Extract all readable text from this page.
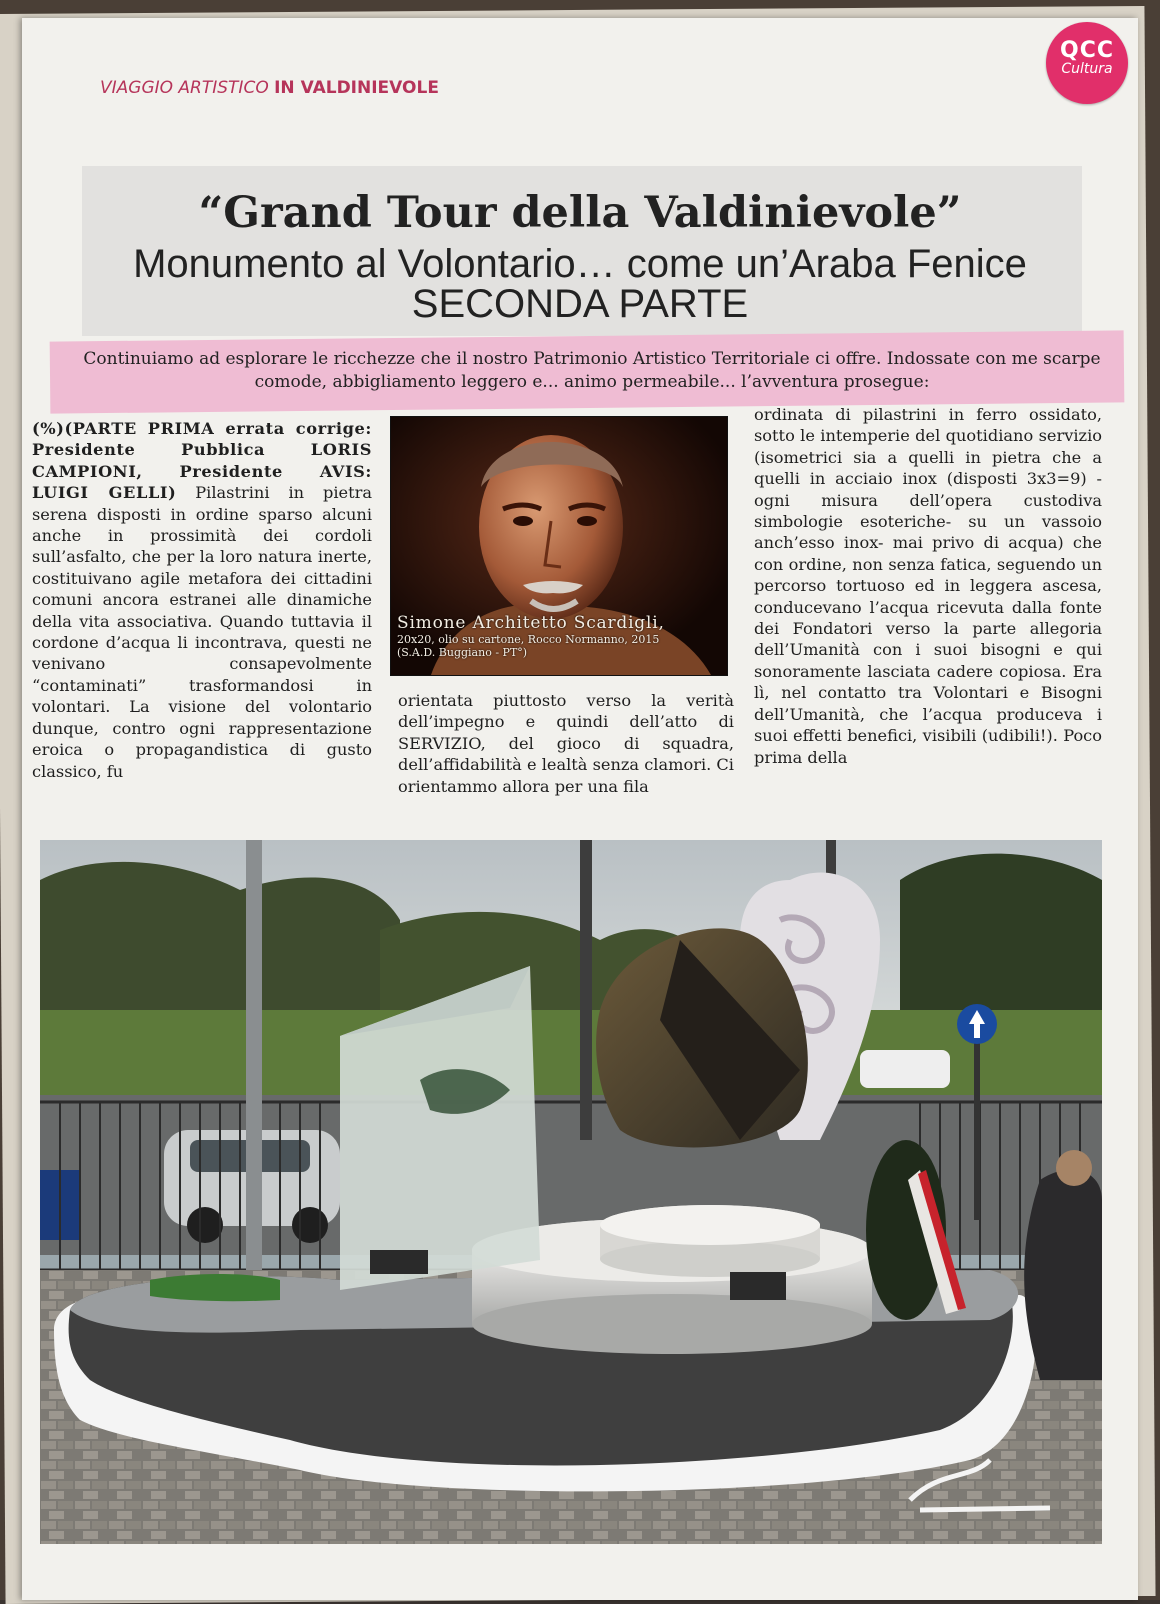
VIAGGIO ARTISTICO IN VALDINIEVOLE
QCC
Cultura
“Grand Tour della Valdinievole”
Monumento al Volontario… come un’Araba Fenice
SECONDA PARTE
Continuiamo ad esplorare le ricchezze che il nostro Patrimonio Artistico Territoriale ci offre. Indossate con me scarpe
comode, abbigliamento leggero e... animo permeabile... l’avventura prosegue:

(%)(PARTE PRIMA errata corrige: Presidente Pubblica LORIS CAMPIONI, Presidente AVIS: LUIGI GELLI) Pilastrini in pietra serena disposti in ordine sparso alcuni anche in prossimità dei cordoli sull’asfalto, che per la loro natura inerte, costituivano agile metafora dei cittadini comuni ancora estranei alle dinamiche della vita associativa. Quando tuttavia il cordone d’acqua li incontrava, questi ne venivano consapevolmente “contaminati” trasformandosi in volontari. La visione del volontario dunque, contro ogni rappresentazione eroica o propagandistica di gusto classico, fu

Simone Architetto Scardigli,
20x20, olio su cartone, Rocco Normanno, 2015
(S.A.D. Buggiano - PT°)

orientata piuttosto verso la verità dell’impegno e quindi dell’atto di SERVIZIO, del gioco di squadra, dell’affidabilità e lealtà senza clamori. Ci orientammo allora per una fila

ordinata di pilastrini in ferro ossidato, sotto le intemperie del quotidiano servizio (isometrici sia a quelli in pietra che a quelli in acciaio inox (disposti 3x3=9) -ogni misura dell’opera custodiva simbologie esoteriche- su un vassoio anch’esso inox- mai privo di acqua) che con ordine, non senza fatica, seguendo un percorso tortuoso ed in leggera ascesa, conducevano l’acqua ricevuta dalla fonte dei Fondatori verso la parte allegoria dell’Umanità con i suoi bisogni e qui sonoramente lasciata cadere copiosa. Era lì, nel contatto tra Volontari e Bisogni dell’Umanità, che l’acqua produceva i suoi effetti benefici, visibili (udibili!). Poco prima della
